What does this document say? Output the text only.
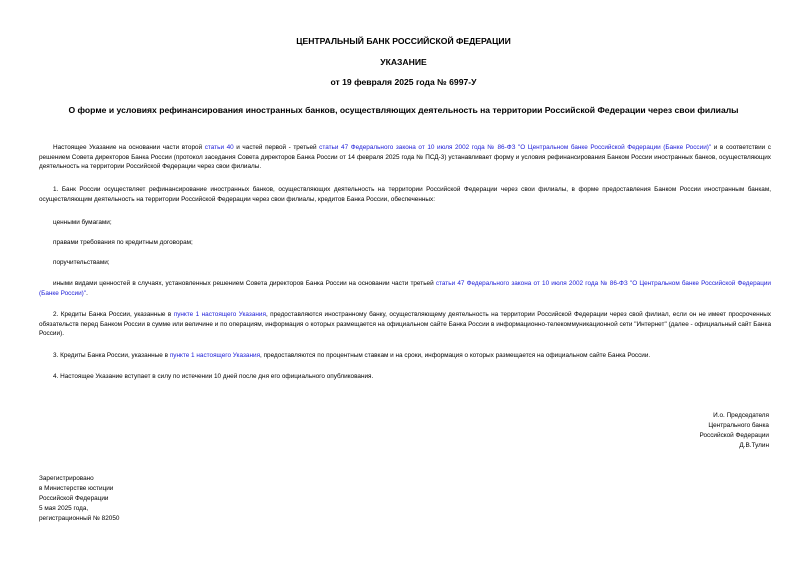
ЦЕНТРАЛЬНЫЙ БАНК РОССИЙСКОЙ ФЕДЕРАЦИИ
УКАЗАНИЕ
от 19 февраля 2025 года № 6997-У
О форме и условиях рефинансирования иностранных банков, осуществляющих деятельность на территории Российской Федерации через свои филиалы
Настоящее Указание на основании части второй статьи 40 и частей первой - третьей статьи 47 Федерального закона от 10 июля 2002 года № 86-ФЗ "О Центральном банке Российской Федерации (Банке России)" и в соответствии с решением Совета директоров Банка России (протокол заседания Совета директоров Банка России от 14 февраля 2025 года № ПСД-3) устанавливает форму и условия рефинансирования Банком России иностранных банков, осуществляющих деятельность на территории Российской Федерации через свои филиалы.
1. Банк России осуществляет рефинансирование иностранных банков, осуществляющих деятельность на территории Российской Федерации через свои филиалы, в форме предоставления Банком России иностранным банкам, осуществляющим деятельность на территории Российской Федерации через свои филиалы, кредитов Банка России, обеспеченных:
ценными бумагами;
правами требования по кредитным договорам;
поручительствами;
иными видами ценностей в случаях, установленных решением Совета директоров Банка России на основании части третьей статьи 47 Федерального закона от 10 июля 2002 года № 86-ФЗ "О Центральном банке Российской Федерации (Банке России)".
2. Кредиты Банка России, указанные в пункте 1 настоящего Указания, предоставляются иностранному банку, осуществляющему деятельность на территории Российской Федерации через свой филиал, если он не имеет просроченных обязательств перед Банком России в сумме или величине и по операциям, информация о которых размещается на официальном сайте Банка России в информационно-телекоммуникационной сети "Интернет" (далее - официальный сайт Банка России).
3. Кредиты Банка России, указанные в пункте 1 настоящего Указания, предоставляются по процентным ставкам и на сроки, информация о которых размещается на официальном сайте Банка России.
4. Настоящее Указание вступает в силу по истечении 10 дней после дня его официального опубликования.
И.о. Председателя
Центрального банка
Российской Федерации
Д.В.Тулин
Зарегистрировано
в Министерстве юстиции
Российской Федерации
5 мая 2025 года,
регистрационный № 82050
